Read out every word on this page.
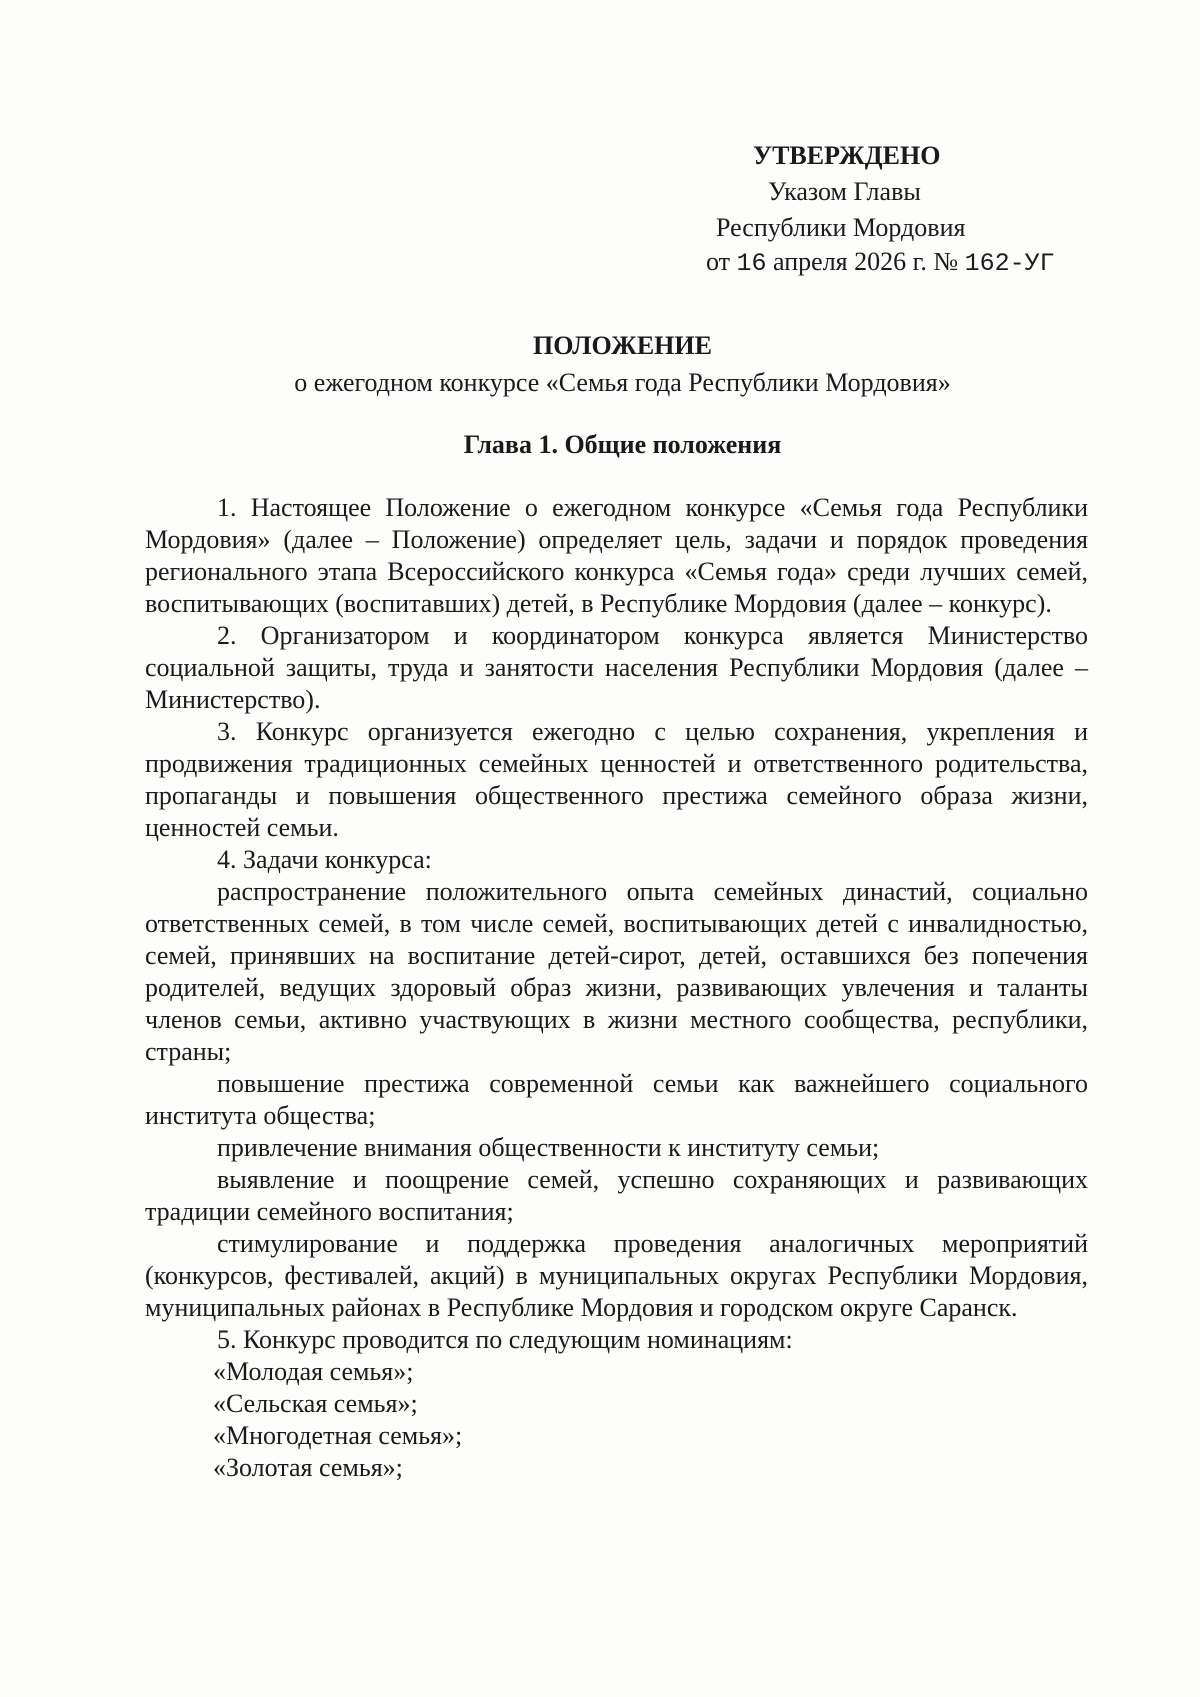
УТВЕРЖДЕНО
Указом Главы
Республики Мордовия
от 16 апреля 2026 г. № 162-УГ
ПОЛОЖЕНИЕ
о ежегодном конкурсе «Семья года Республики Мордовия»
Глава 1. Общие положения

1. Настоящее Положение о ежегодном конкурсе «Семья года Республики Мордовия» (далее – Положение) определяет цель, задачи и порядок проведения регионального этапа Всероссийского конкурса «Семья года» среди лучших семей, воспитывающих (воспитавших) детей, в Республике Мордовия (далее – конкурс).

2. Организатором и координатором конкурса является Министерство социальной защиты, труда и занятости населения Республики Мордовия (далее – Министерство).

3. Конкурс организуется ежегодно с целью сохранения, укрепления и продвижения традиционных семейных ценностей и ответственного родительства, пропаганды и повышения общественного престижа семейного образа жизни, ценностей семьи.

4. Задачи конкурса:

распространение положительного опыта семейных династий, социально ответственных семей, в том числе семей, воспитывающих детей с инвалидностью, семей, принявших на воспитание детей-сирот, детей, оставшихся без попечения родителей, ведущих здоровый образ жизни, развивающих увлечения и таланты членов семьи, активно участвующих в жизни местного сообщества, республики, страны;

повышение престижа современной семьи как важнейшего социального института общества;

привлечение внимания общественности к институту семьи;

выявление и поощрение семей, успешно сохраняющих и развивающих традиции семейного воспитания;

стимулирование и поддержка проведения аналогичных мероприятий (конкурсов, фестивалей, акций) в муниципальных округах Республики Мордовия, муниципальных районах в Республике Мордовия и городском округе Саранск.

5. Конкурс проводится по следующим номинациям:

«Молодая семья»;

«Сельская семья»;

«Многодетная семья»;

«Золотая семья»;
